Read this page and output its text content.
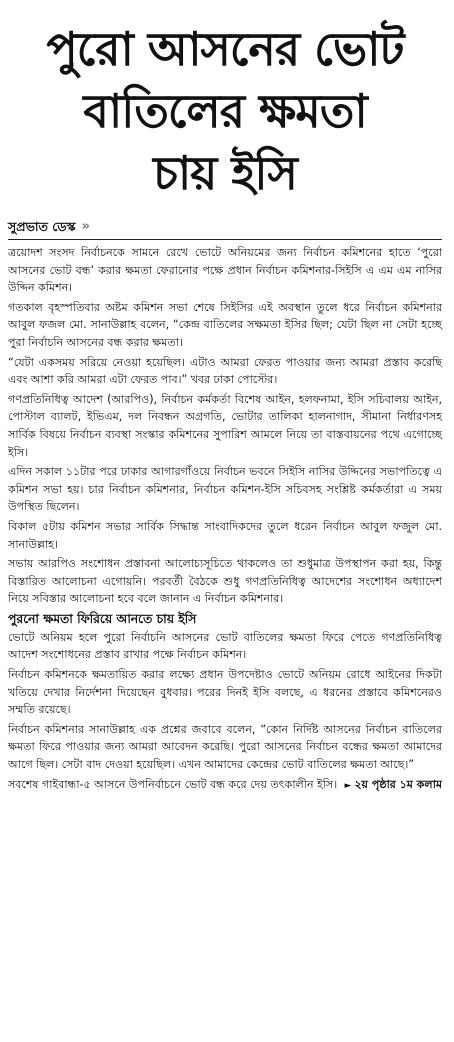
পুরো আসনের ভোট
বাতিলের ক্ষমতা
চায় ইসি
সুপ্রভাত ডেস্ক »

ত্রয়োদশ সংসদ নির্বাচনকে সামনে রেখে ভোটে অনিয়মের জন্য নির্বাচন কমিশনের হাতে ‘পুরো আসনের ভোট বন্ধ’ করার ক্ষমতা ফেরানোর পক্ষে প্রধান নির্বাচন কমিশনার-সিইসি এ এম এম নাসির উদ্দিন কমিশন।

গতকাল বৃহস্পতিবার অষ্টম কমিশন সভা শেষে সিইসির এই অবস্থান তুলে ধরে নির্বাচন কমিশনার আবুল ফজল মো. সানাউল্লাহ বলেন, “কেন্দ্র বাতিলের সক্ষমতা ইসির ছিল; যেটা ছিল না সেটা হচ্ছে পুরা নির্বাচনি আসনের বন্ধ করার ক্ষমতা।

“যেটা একসময় সরিয়ে নেওয়া হয়েছিল। এটাও আমরা ফেরত পাওয়ার জন্য আমরা প্রস্তাব করেছি এবং আশা করি আমরা এটা ফেরত পাব।” খবর ঢাকা পোস্টের।

গণপ্রতিনিধিত্ব আদেশ (আরপিও), নির্বাচন কর্মকর্তা বিশেষ আইন, হলফনামা, ইসি সচিবালয় আইন, পোস্টাল ব্যালট, ইভিএম, দল নিবন্ধন অগ্রগতি, ভোটার তালিকা হালনাগাদ, সীমানা নির্ধারণসহ সার্বিক বিষয়ে নির্বাচন ব্যবস্থা সংস্কার কমিশনের সুপারিশ আমলে নিয়ে তা বাস্তবায়নের পথে এগোচ্ছে ইসি।

এদিন সকাল ১১টার পরে ঢাকার আগারগাঁওয়ে নির্বাচন ভবনে সিইসি নাসির উদ্দিনের সভাপতিত্বে এ কমিশন সভা হয়। চার নির্বাচন কমিশনার, নির্বাচন কমিশন-ইসি সচিবসহ সংশ্লিষ্ট কর্মকর্তারা এ সময় উপস্থিত ছিলেন।

বিকাল ৫টায় কমিশন সভার সার্বিক সিদ্ধান্ত সাংবাদিকদের তুলে ধরেন নির্বাচন আবুল ফজুল মো. সানাউল্লাহ।

সভায় আরপিও সংশোধন প্রস্তাবনা আলোচ্যসূচিতে থাকলেও তা শুধুমাত্র উপস্থাপন করা হয়, কিন্তু বিস্তারিত আলোচনা এগোয়নি। পরবর্তী বৈঠকে শুধু গণপ্রতিনিধিত্ব আদেশের সংশোধন অধ্যাদেশ নিয়ে সবিস্তার আলোচনা হবে বলে জানান এ নির্বাচন কমিশনার।

পুরনো ক্ষমতা ফিরিয়ে আনতে চায় ইসি

ভোটে অনিয়ম হলে পুরো নির্বাচনি আসনের ভোট বাতিলের ক্ষমতা ফিরে পেতে গণপ্রতিনিধিত্ব আদেশ সংশোধনের প্রস্তাব রাখার পক্ষে নির্বাচন কমিশন।

নির্বাচন কমিশনকে ক্ষমতায়িত করার লক্ষ্যে প্রধান উপদেষ্টাও ভোটে অনিয়ম রোধে আইনের দিকটা খতিয়ে দেখার নির্দেশনা দিয়েছেন বুধবার। পরের দিনই ইসি বলছে, এ ধরনের প্রস্তাবে কমিশনেরও সম্মতি রয়েছে।

নির্বাচন কমিশনার সানাউল্লাহ এক প্রশ্নের জবাবে বলেন, “কোন নির্দিষ্ট আসনের নির্বাচন বাতিলের ক্ষমতা ফিরে পাওয়ার জন্য আমরা আবেদন করেছি। পুরো আসনের নির্বাচন বন্ধের ক্ষমতা আমাদের আগে ছিল। সেটা বাদ দেওয়া হয়েছিল। এখন আমাদের কেন্দ্রের ভোট বাতিলের ক্ষমতা আছে।”

সবশেষ গাইবান্ধা-৫ আসনে উপনির্বাচনে ভোট বন্ধ করে দেয় তৎকালীন ইসি। ► ২য় পৃষ্ঠার ১ম কলাম
